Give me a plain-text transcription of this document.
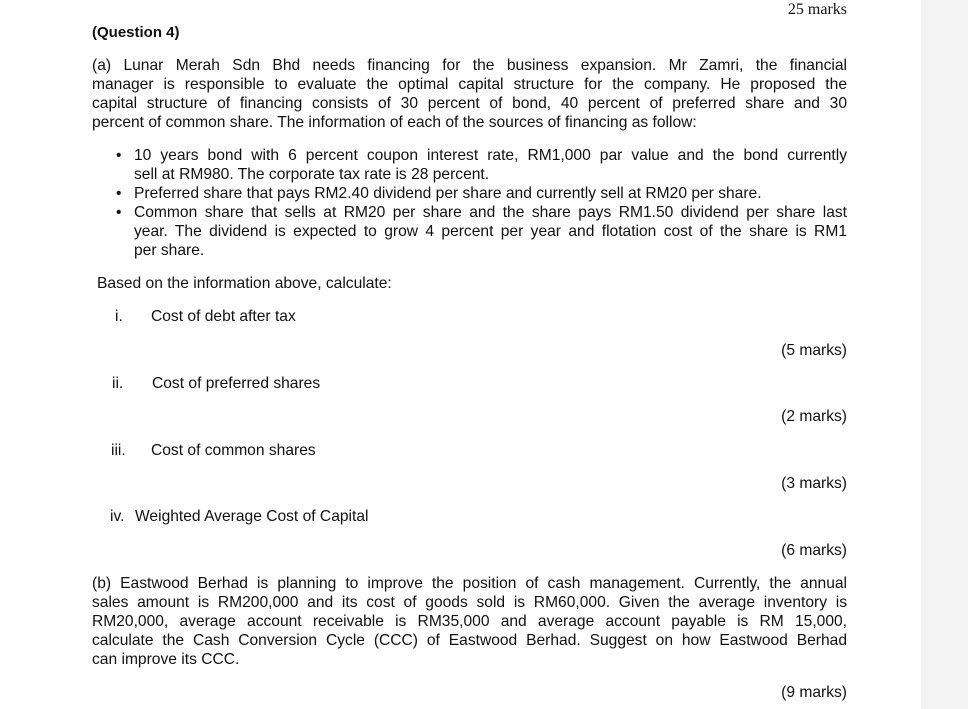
25 marks
(Question 4)
(a) Lunar Merah Sdn Bhd needs financing for the business expansion. Mr Zamri, the financial
manager is responsible to evaluate the optimal capital structure for the company. He proposed the
capital structure of financing consists of 30 percent of bond, 40 percent of preferred share and 30
percent of common share. The information of each of the sources of financing as follow:
• 10 years bond with 6 percent coupon interest rate, RM1,000 par value and the bond currently
sell at RM980. The corporate tax rate is 28 percent.
• Preferred share that pays RM2.40 dividend per share and currently sell at RM20 per share.
• Common share that sells at RM20 per share and the share pays RM1.50 dividend per share last
year. The dividend is expected to grow 4 percent per year and flotation cost of the share is RM1
per share.
Based on the information above, calculate:
i. Cost of debt after tax
(5 marks)
ii. Cost of preferred shares
(2 marks)
iii. Cost of common shares
(3 marks)
iv. Weighted Average Cost of Capital
(6 marks)
(b) Eastwood Berhad is planning to improve the position of cash management. Currently, the annual
sales amount is RM200,000 and its cost of goods sold is RM60,000. Given the average inventory is
RM20,000, average account receivable is RM35,000 and average account payable is RM 15,000,
calculate the Cash Conversion Cycle (CCC) of Eastwood Berhad. Suggest on how Eastwood Berhad
can improve its CCC.
(9 marks)
